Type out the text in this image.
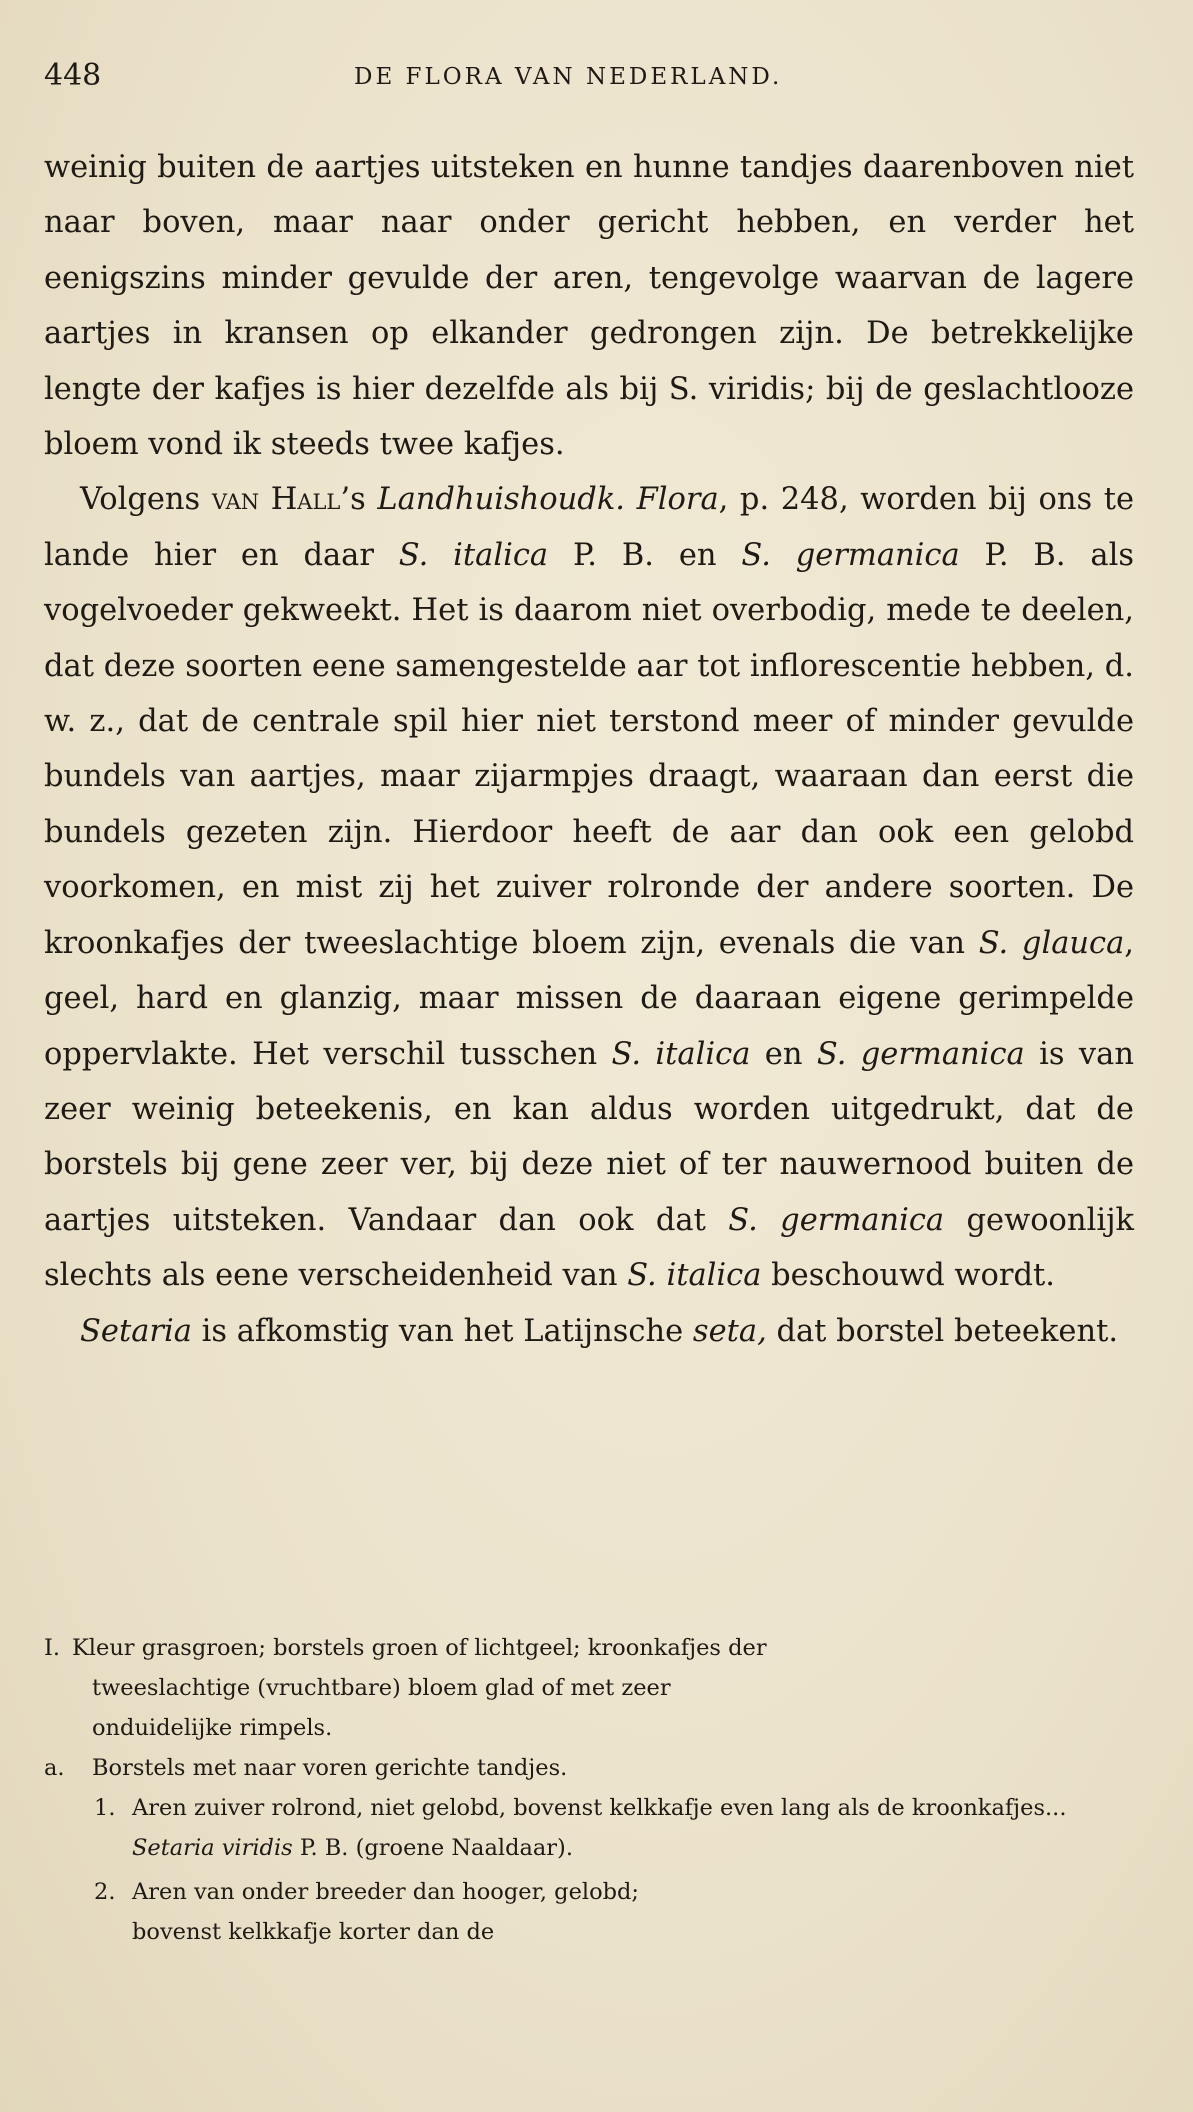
448	DE FLORA VAN NEDERLAND.

weinig buiten de aartjes uitsteken en hunne tandjes daarenboven niet naar boven, maar naar onder gericht hebben, en verder het eenigszins minder gevulde der aren, tengevolge waarvan de lagere aartjes in kransen op elkander gedrongen zijn. De betrekkelijke lengte der kafjes is hier dezelfde als bij S. viridis; bij de geslachtlooze bloem vond ik steeds twee kafjes.

Volgens van Hall’s Landhuishoudk. Flora, p. 248, worden bij ons te lande hier en daar S. italica P. B. en S. germanica P. B. als vogelvoeder gekweekt. Het is daarom niet overbodig, mede te deelen, dat deze soorten eene samengestelde aar tot inflorescentie hebben, d. w. z., dat de centrale spil hier niet terstond meer of minder gevulde bundels van aartjes, maar zijarmpjes draagt, waaraan dan eerst die bundels gezeten zijn. Hierdoor heeft de aar dan ook een gelobd voorkomen, en mist zij het zuiver rolronde der andere soorten. De kroonkafjes der tweeslachtige bloem zijn, evenals die van S. glauca, geel, hard en glanzig, maar missen de daaraan eigene gerimpelde oppervlakte. Het verschil tusschen S. italica en S. germanica is van zeer weinig beteekenis, en kan aldus worden uitgedrukt, dat de borstels bij gene zeer ver, bij deze niet of ter nauwernood buiten de aartjes uitsteken. Vandaar dan ook dat S. germanica gewoonlijk slechts als eene verscheidenheid van S. italica beschouwd wordt.

Setaria is afkomstig van het Latijnsche seta, dat borstel beteekent.

I. Kleur grasgroen; borstels groen of lichtgeel; kroonkafjes der tweeslachtige (vruchtbare) bloem glad of met zeer onduidelijke rimpels.
a.	Borstels met naar voren gerichte tandjes.
1. Aren zuiver rolrond, niet gelobd, bovenst kelkkafje even lang als de kroonkafjes... Setaria viridis P. B. (groene Naaldaar).
2. Aren van onder breeder dan hooger, gelobd; bovenst kelkkafje korter dan de
